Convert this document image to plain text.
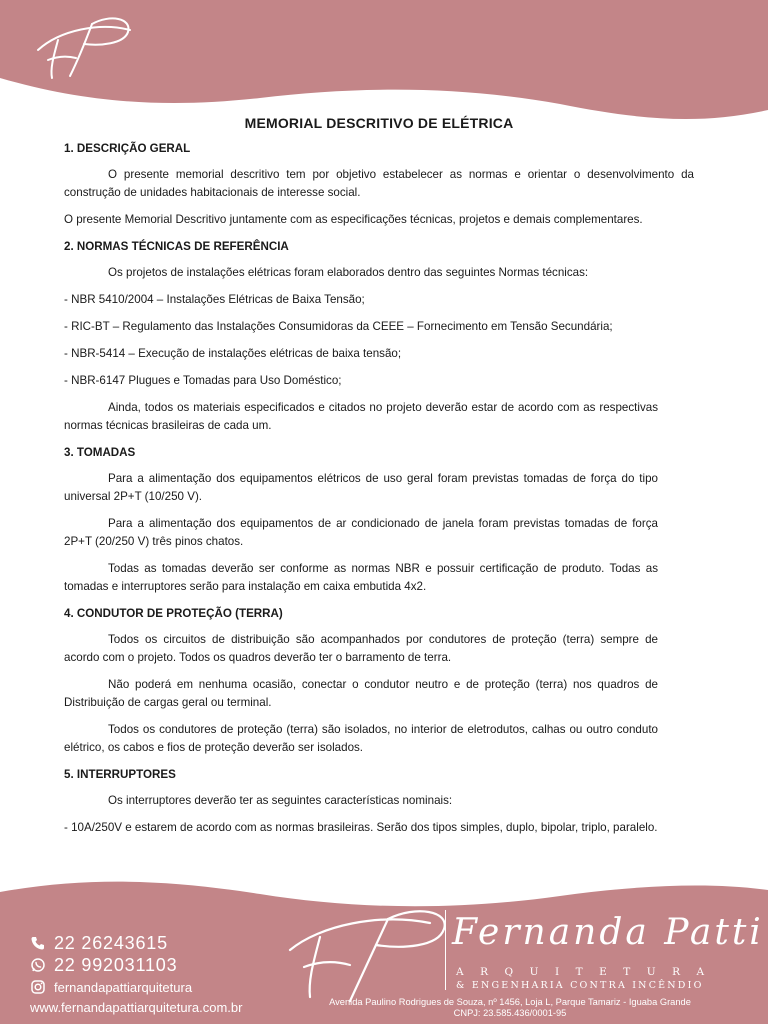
MEMORIAL DESCRITIVO DE ELÉTRICA
1. DESCRIÇÃO GERAL

O presente memorial descritivo tem por objetivo estabelecer as normas e orientar o desenvolvimento da construção de unidades habitacionais de interesse social.

O presente Memorial Descritivo juntamente com as especificações técnicas, projetos e demais complementares.

2. NORMAS TÉCNICAS DE REFERÊNCIA

Os projetos de instalações elétricas foram elaborados dentro das seguintes Normas técnicas:

- NBR 5410/2004 – Instalações Elétricas de Baixa Tensão;

- RIC-BT – Regulamento das Instalações Consumidoras da CEEE – Fornecimento em Tensão Secundária;

- NBR-5414 – Execução de instalações elétricas de baixa tensão;

- NBR-6147 Plugues e Tomadas para Uso Doméstico;

Ainda, todos os materiais especificados e citados no projeto deverão estar de acordo com as respectivas normas técnicas brasileiras de cada um.

3. TOMADAS

Para a alimentação dos equipamentos elétricos de uso geral foram previstas tomadas de força do tipo universal 2P+T (10/250 V).

Para a alimentação dos equipamentos de ar condicionado de janela foram previstas tomadas de força 2P+T (20/250 V) três pinos chatos.

Todas as tomadas deverão ser conforme as normas NBR e possuir certificação de produto. Todas as tomadas e interruptores serão para instalação em caixa embutida 4x2.

4. CONDUTOR DE PROTEÇÃO (TERRA)

Todos os circuitos de distribuição são acompanhados por condutores de proteção (terra) sempre de acordo com o projeto. Todos os quadros deverão ter o barramento de terra.

Não poderá em nenhuma ocasião, conectar o condutor neutro e de proteção (terra) nos quadros de Distribuição de cargas geral ou terminal.

Todos os condutores de proteção (terra) são isolados, no interior de eletrodutos, calhas ou outro conduto elétrico, os cabos e fios de proteção deverão ser isolados.

5. INTERRUPTORES

Os interruptores deverão ter as seguintes características nominais:

- 10A/250V e estarem de acordo com as normas brasileiras. Serão dos tipos simples, duplo, bipolar, triplo, paralelo.

22 26243615
22 992031103
fernandapattiarquitetura
www.fernandapattiarquitetura.com.br
Fernanda Patti
ARQUITETURA
& ENGENHARIA CONTRA INCÊNDIO
Avenida Paulino Rodrigues de Souza, nº 1456, Loja L, Parque Tamariz - Iguaba Grande
CNPJ: 23.585.436/0001-95
